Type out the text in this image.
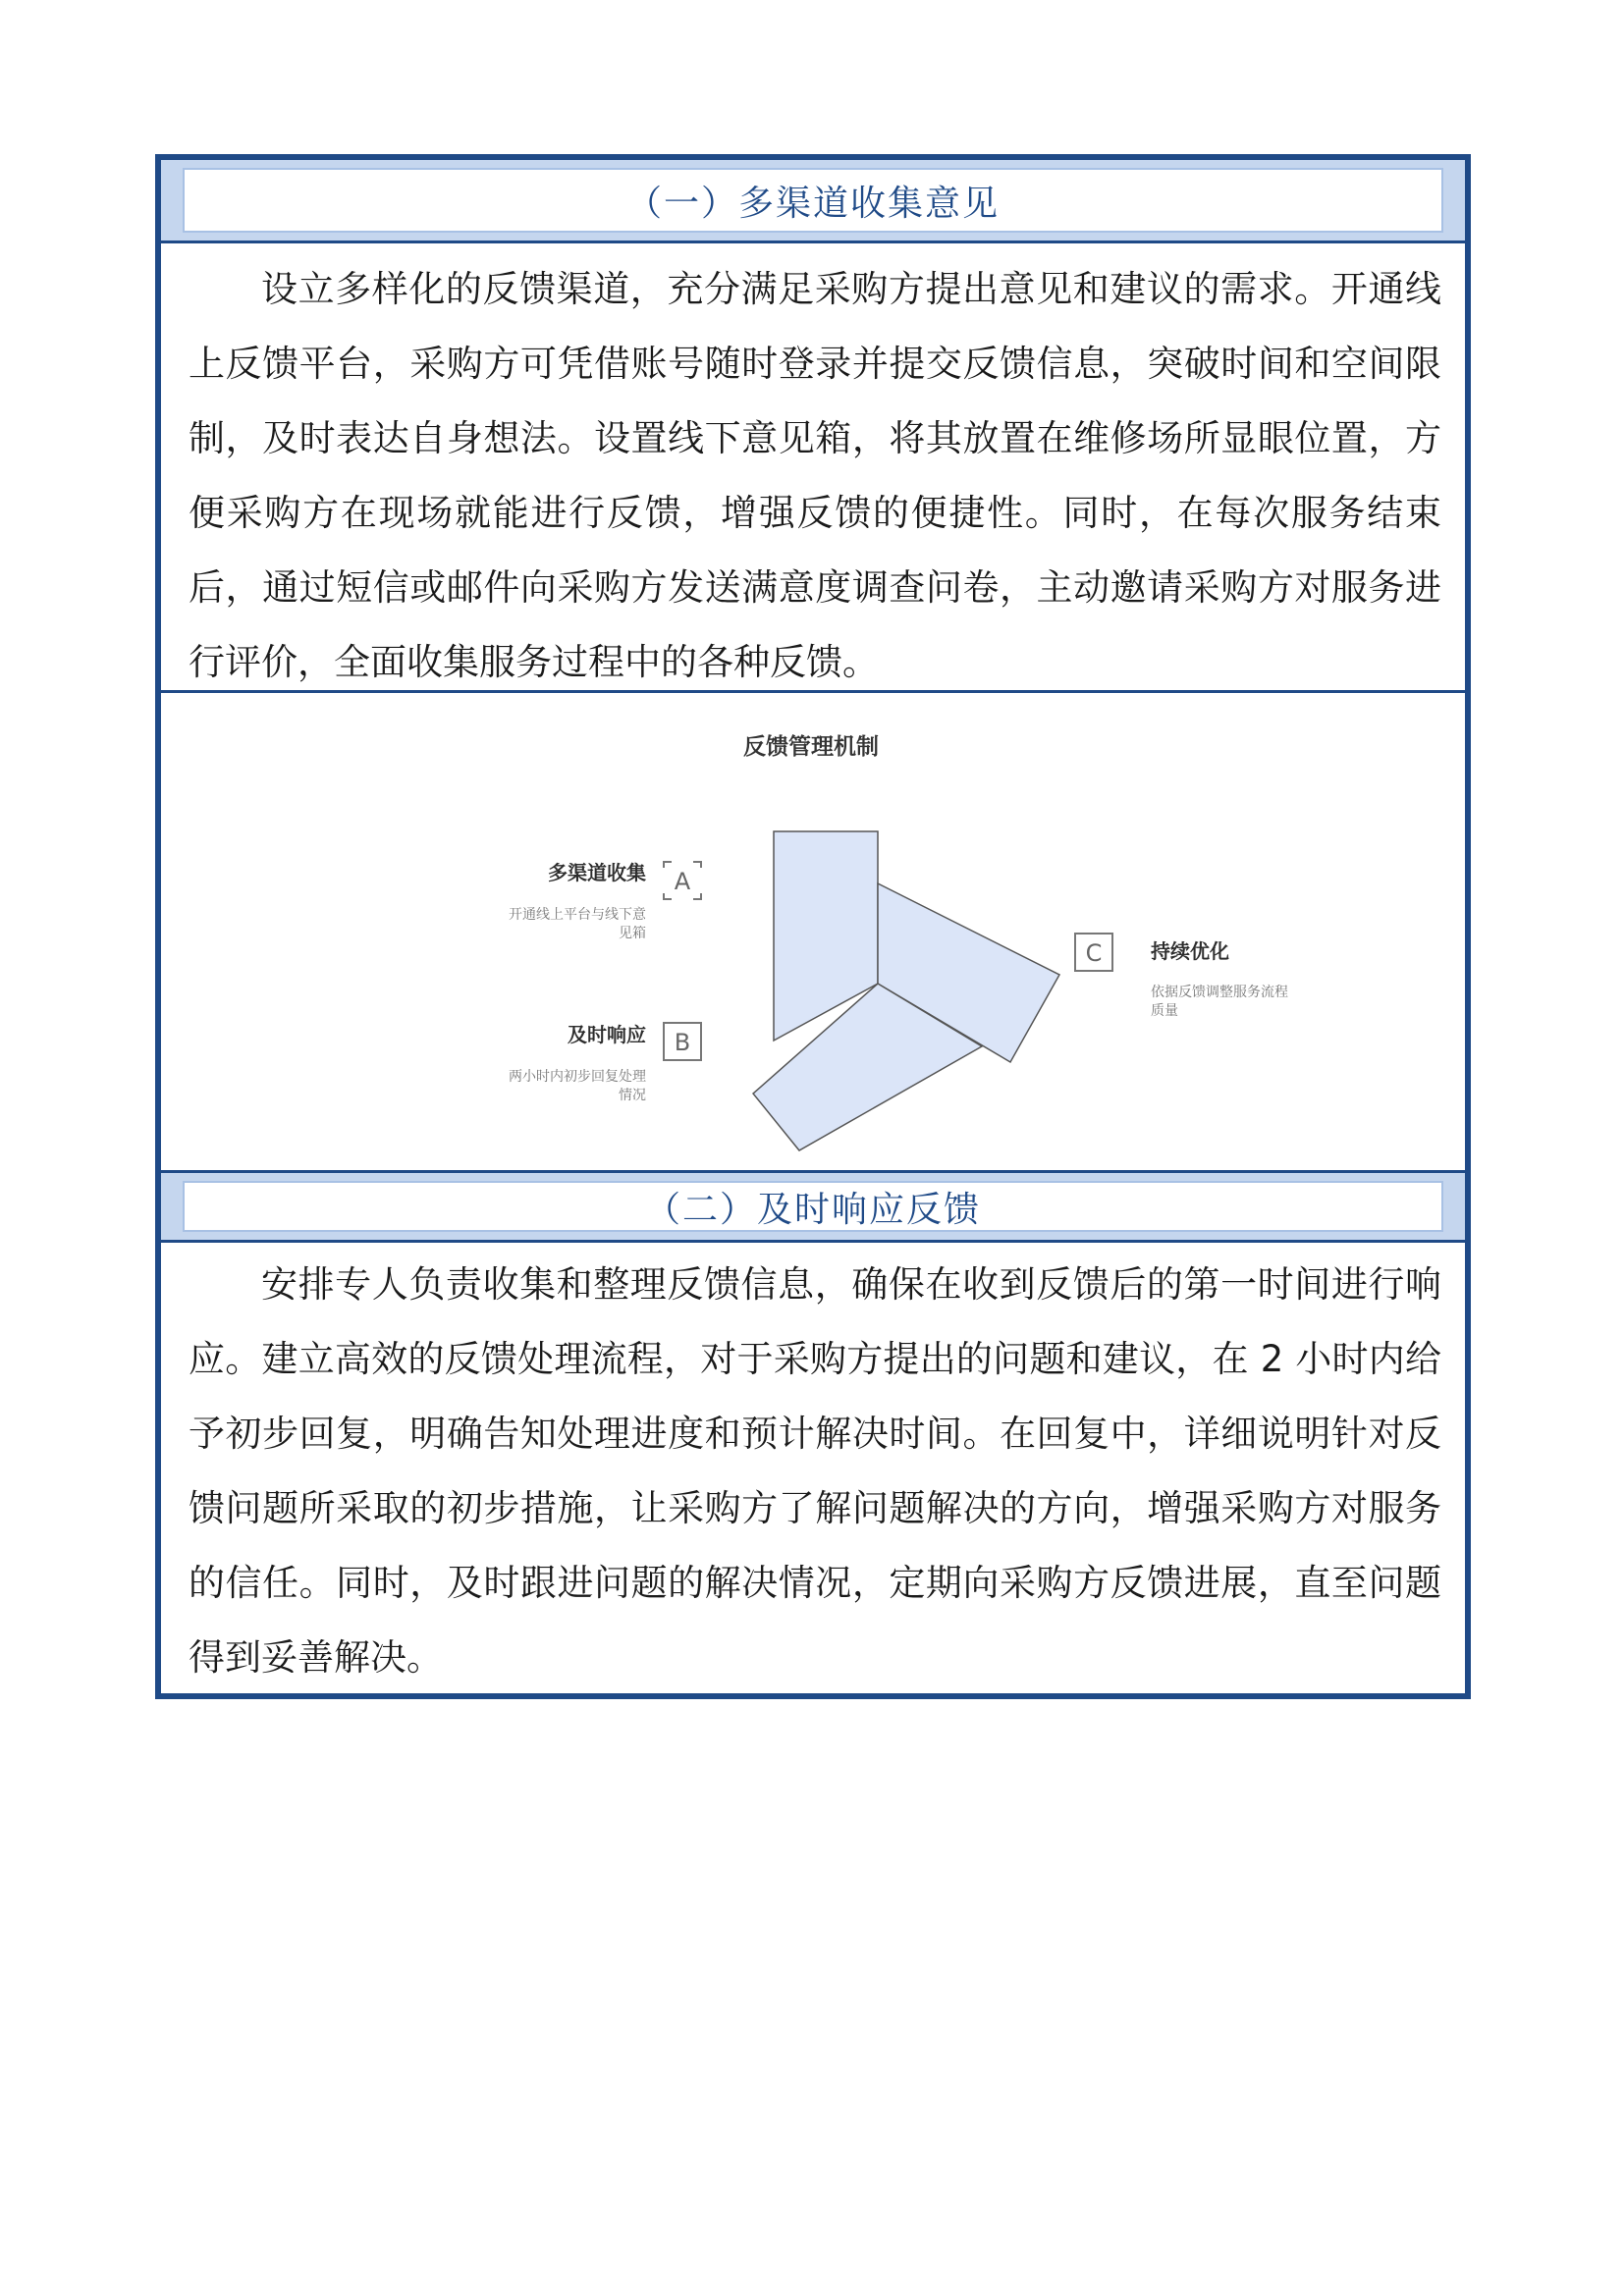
（一）多渠道收集意见
设立多样化的反馈渠道，充分满足采购方提出意见和建议的需求。开通线上反馈平台，采购方可凭借账号随时登录并提交反馈信息，突破时间和空间限制，及时表达自身想法。设置线下意见箱，将其放置在维修场所显眼位置，方便采购方在现场就能进行反馈，增强反馈的便捷性。同时，在每次服务结束后，通过短信或邮件向采购方发送满意度调查问卷，主动邀请采购方对服务进行评价，全面收集服务过程中的各种反馈。
反馈管理机制
多渠道收集
开通线上平台与线下意
见箱
A
及时响应
两小时内初步回复处理
情况
B
C 持续优化
依据反馈调整服务流程
质量
（二）及时响应反馈
安排专人负责收集和整理反馈信息，确保在收到反馈后的第一时间进行响应。建立高效的反馈处理流程，对于采购方提出的问题和建议，在 2 小时内给予初步回复，明确告知处理进度和预计解决时间。在回复中，详细说明针对反馈问题所采取的初步措施，让采购方了解问题解决的方向，增强采购方对服务的信任。同时，及时跟进问题的解决情况，定期向采购方反馈进展，直至问题得到妥善解决。
